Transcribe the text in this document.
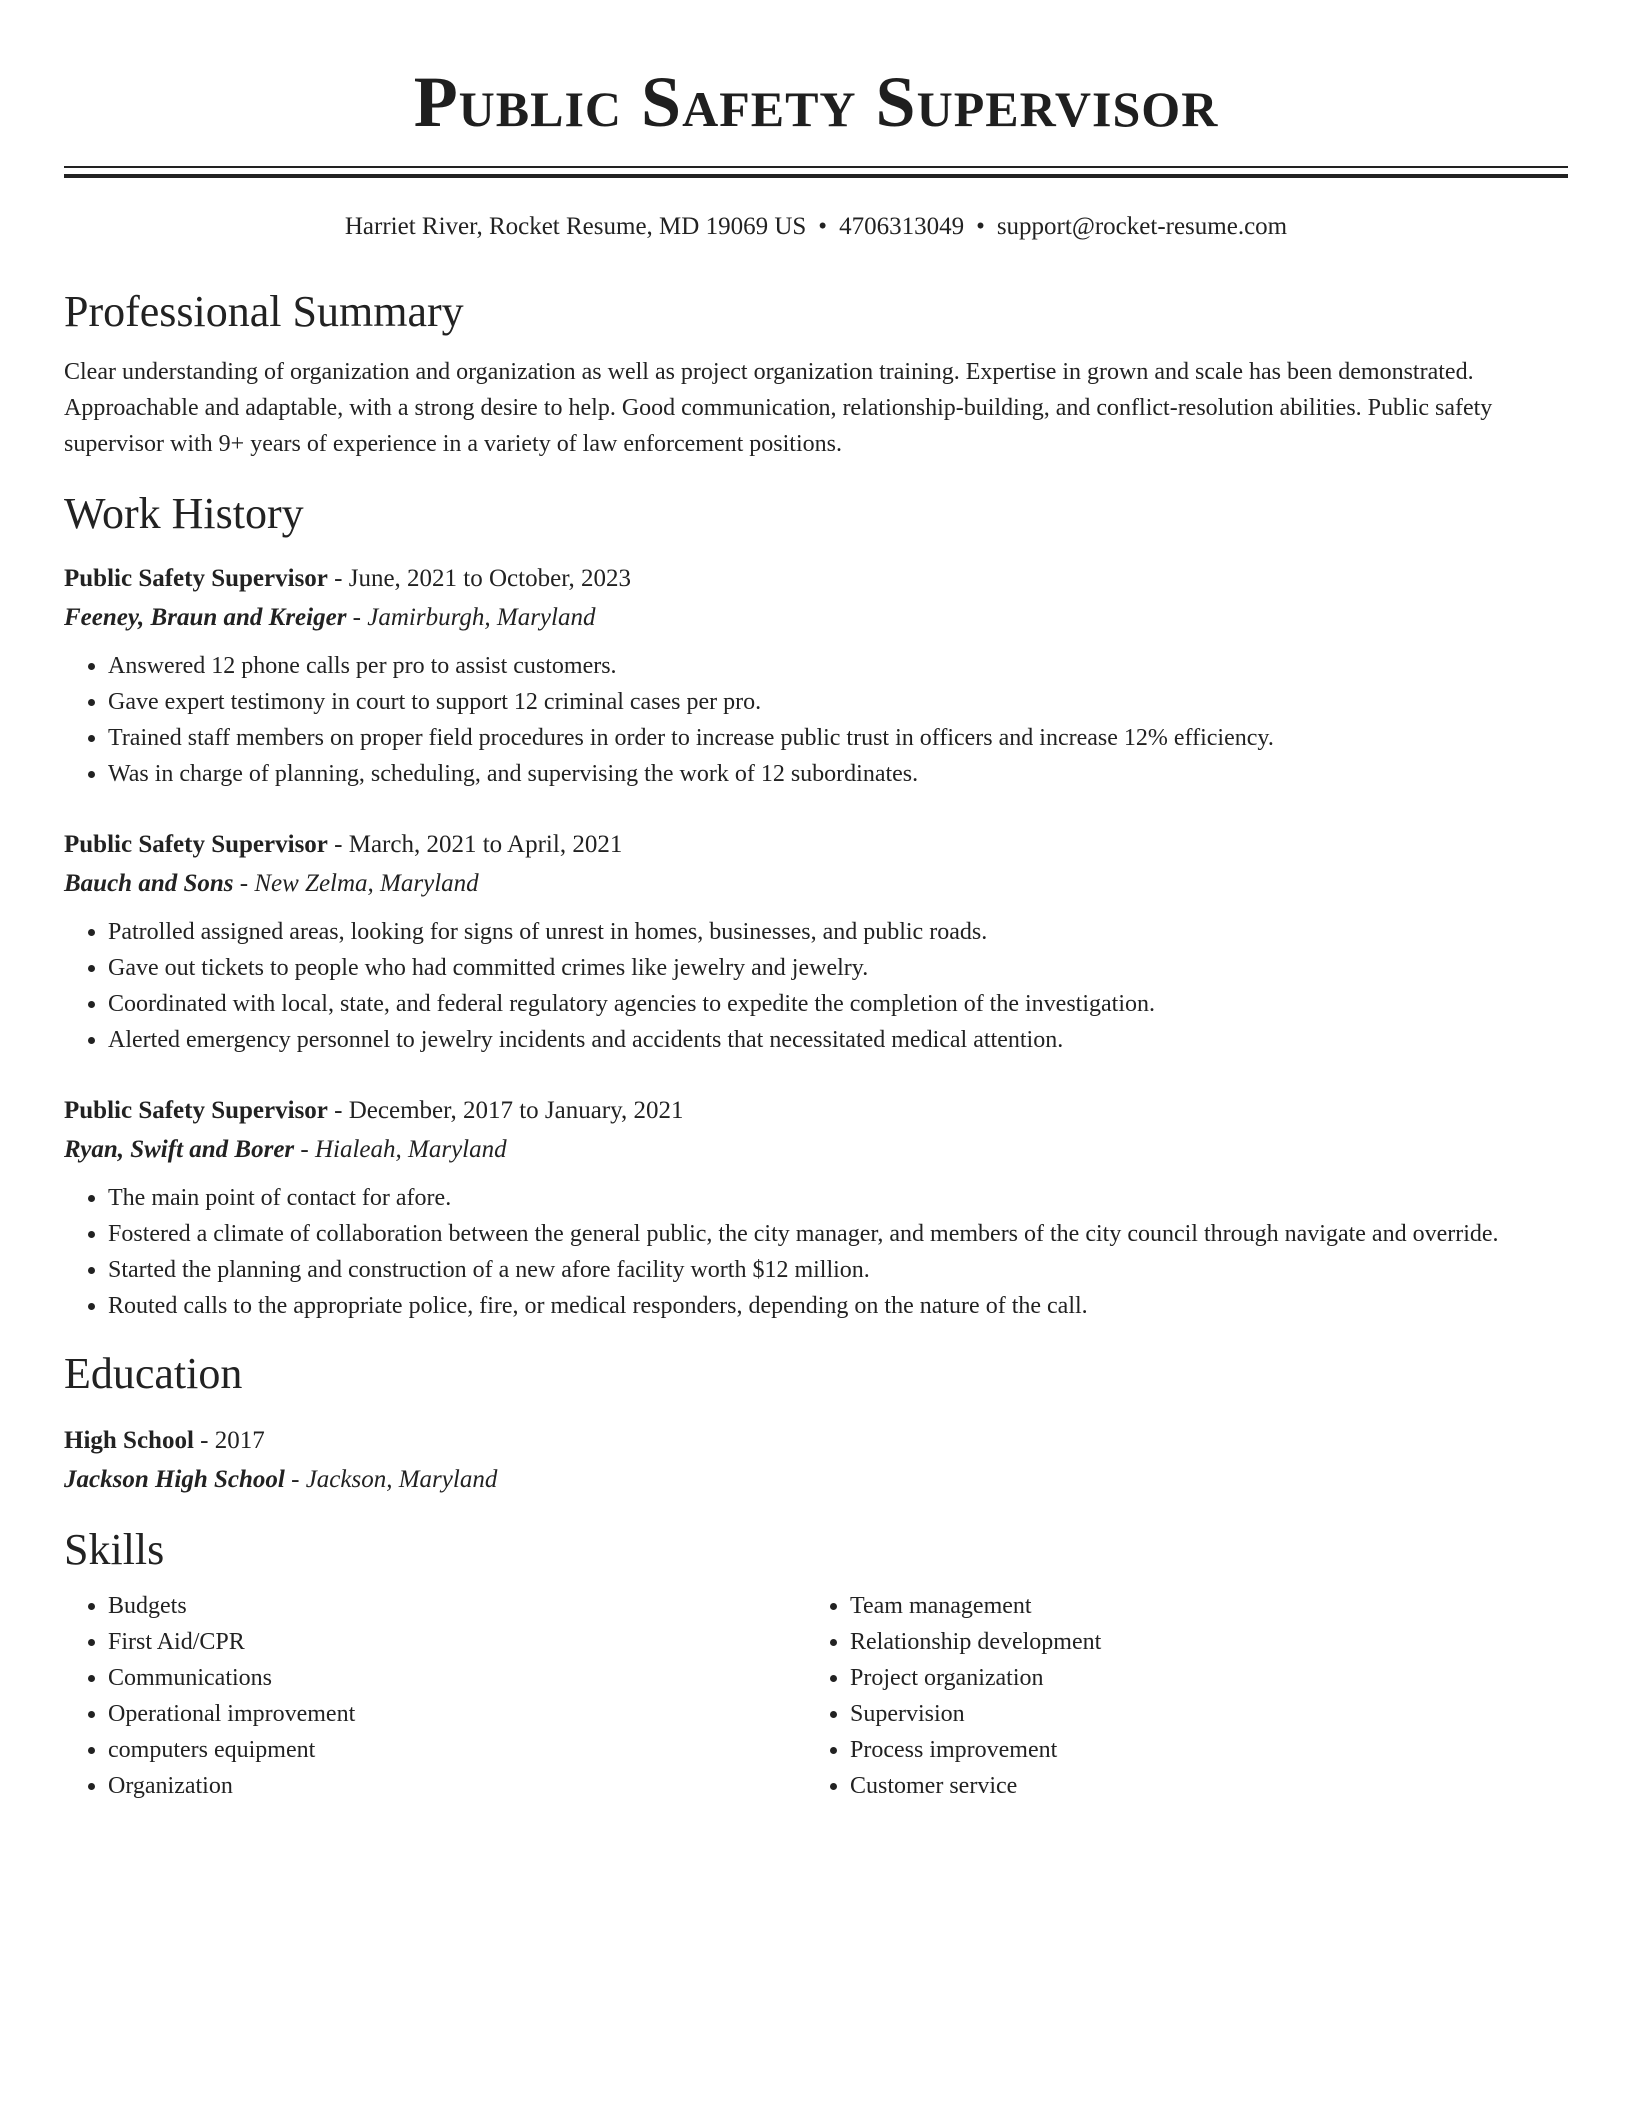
Public Safety Supervisor
Harriet River, Rocket Resume, MD 19069 US • 4706313049 • support@rocket-resume.com
Professional Summary

Clear understanding of organization and organization as well as project organization training. Expertise in grown and scale has been demonstrated. Approachable and adaptable, with a strong desire to help. Good communication, relationship-building, and conflict-resolution abilities. Public safety supervisor with 9+ years of experience in a variety of law enforcement positions.

Work History
Public Safety Supervisor - June, 2021 to October, 2023
Feeney, Braun and Kreiger - Jamirburgh, Maryland
• Answered 12 phone calls per pro to assist customers.
• Gave expert testimony in court to support 12 criminal cases per pro.
• Trained staff members on proper field procedures in order to increase public trust in officers and increase 12% efficiency.
• Was in charge of planning, scheduling, and supervising the work of 12 subordinates.
Public Safety Supervisor - March, 2021 to April, 2021
Bauch and Sons - New Zelma, Maryland
• Patrolled assigned areas, looking for signs of unrest in homes, businesses, and public roads.
• Gave out tickets to people who had committed crimes like jewelry and jewelry.
• Coordinated with local, state, and federal regulatory agencies to expedite the completion of the investigation.
• Alerted emergency personnel to jewelry incidents and accidents that necessitated medical attention.
Public Safety Supervisor - December, 2017 to January, 2021
Ryan, Swift and Borer - Hialeah, Maryland
• The main point of contact for afore.
• Fostered a climate of collaboration between the general public, the city manager, and members of the city council through navigate and override.
• Started the planning and construction of a new afore facility worth $12 million.
• Routed calls to the appropriate police, fire, or medical responders, depending on the nature of the call.
Education
High School - 2017
Jackson High School - Jackson, Maryland
Skills
• Budgets
• First Aid/CPR
• Communications
• Operational improvement
• computers equipment
• Organization
• Team management
• Relationship development
• Project organization
• Supervision
• Process improvement
• Customer service
